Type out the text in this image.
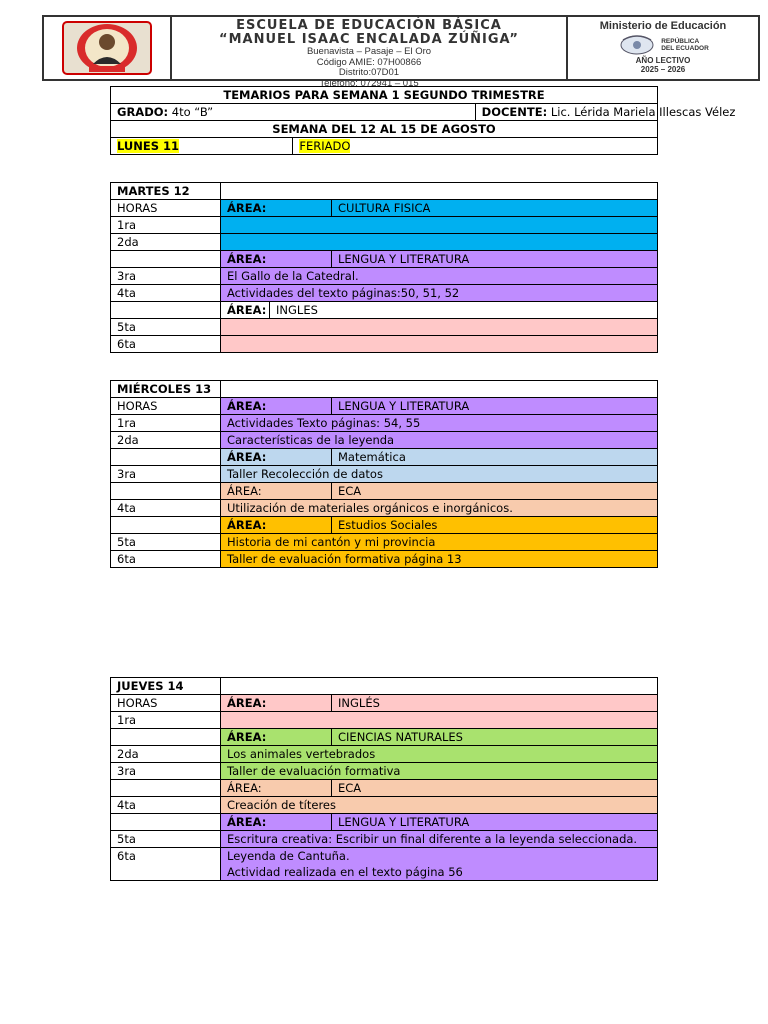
ESCUELA DE EDUCACIÓN BÁSICA
“MANUEL ISAAC ENCALADA ZÚÑIGA”
Buenavista – Pasaje – El Oro
Código AMIE: 07H00866
Distrito:07D01
Teléfono: 072941 – 015
Ministerio de Educación
REPÚBLICA
DEL ECUADOR
AÑO LECTIVO
2025 – 2026
TEMARIOS PARA SEMANA 1 SEGUNDO TRIMESTRE		
GRADO: 4to “B”		DOCENTE: Lic. Lérida Mariela Illescas Vélez
SEMANA DEL 12 AL 15 DE AGOSTO		
LUNES 11	FERIADO	
MARTES 12	
HORAS	ÁREA: CULTURA FISICA

1ra	
2da	

	ÁREA: LENGUA Y LITERATURA

3ra	El Gallo de la Catedral.
4ta	Actividades del texto páginas:50, 51, 52

	ÁREA: INGLES

5ta	
6ta	
MIÉRCOLES 13	
HORAS	ÁREA: LENGUA Y LITERATURA

1ra	Actividades Texto páginas: 54, 55
2da	Características de la leyenda

	ÁREA: Matemática

3ra	Taller Recolección de datos

	ÁREA: ECA

4ta	Utilización de materiales orgánicos e inorgánicos.

	ÁREA: Estudios Sociales

5ta	Historia de mi cantón y mi provincia
6ta	Taller de evaluación formativa página 13
JUEVES 14	
HORAS	ÁREA: INGLÉS

1ra	

	ÁREA: CIENCIAS NATURALES

2da	Los animales vertebrados
3ra	Taller de evaluación formativa

	ÁREA: ECA

4ta	Creación de títeres

	ÁREA: LENGUA Y LITERATURA

5ta	Escritura creativa: Escribir un final diferente a la leyenda seleccionada.
6ta	Leyenda de Cantuña.
Actividad realizada en el texto página 56
